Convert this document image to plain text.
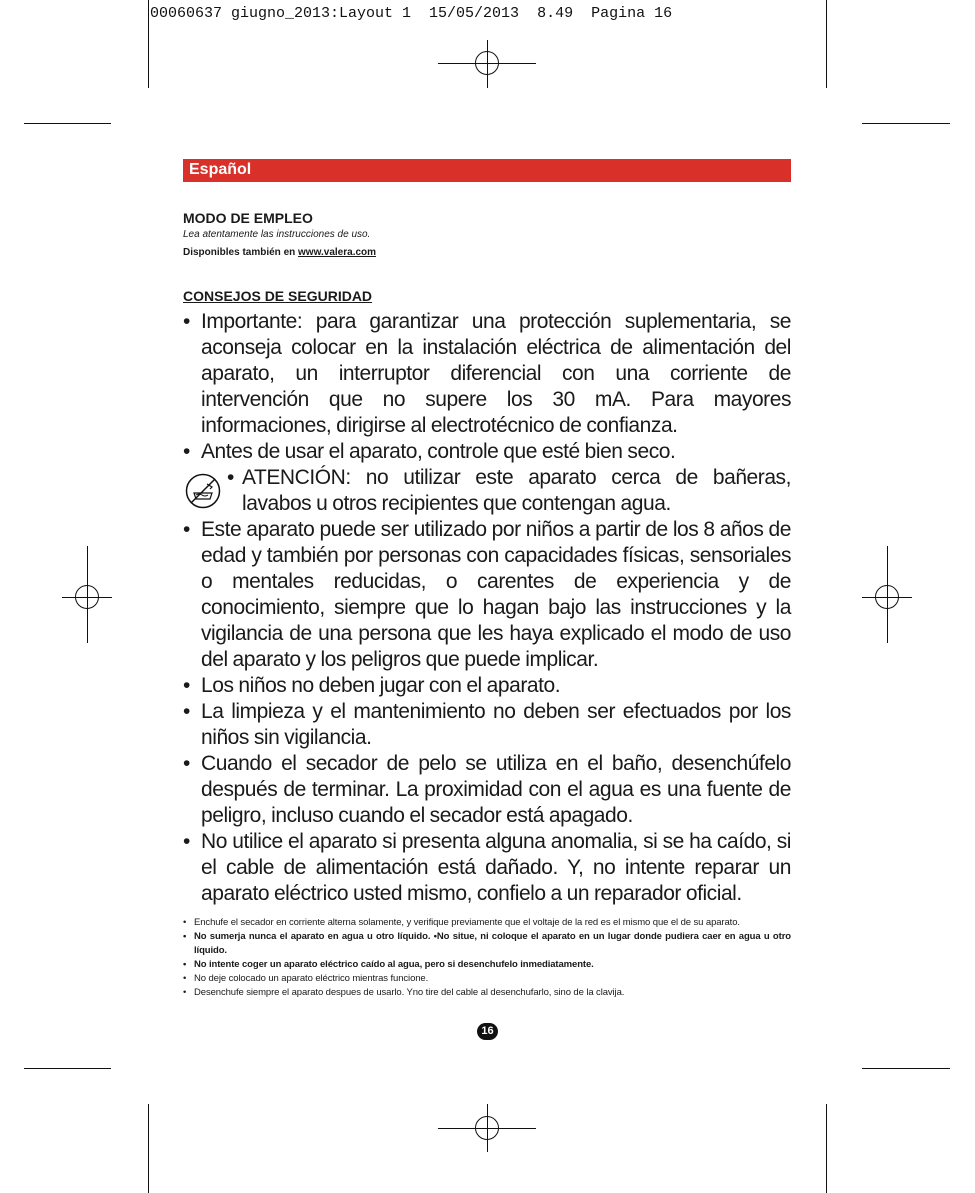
00060637 giugno_2013:Layout 1  15/05/2013  8.49  Pagina 16
Español
MODO DE EMPLEO
Lea atentamente las instrucciones de uso.
Disponibles también en www.valera.com
CONSEJOS DE SEGURIDAD
• Importante: para garantizar una protección suplementaria, se aconseja colocar en la instalación eléctrica de alimentación del aparato, un interruptor diferencial con una corriente de intervención que no supere los 30 mA. Para mayores informaciones, dirigirse al electrotécnico de confianza.
• Antes de usar el aparato, controle que esté bien seco.
• ATENCIÓN: no utilizar este aparato cerca de bañeras, lavabos u otros recipientes que contengan agua.
• Este aparato puede ser utilizado por niños a partir de los 8 años de edad y también por personas con capacidades físicas, sensoriales o mentales reducidas, o carentes de experiencia y de conocimiento, siempre que lo hagan bajo las instrucciones y la vigilancia de una persona que les haya explicado el modo de uso del aparato y los peligros que puede implicar.
• Los niños no deben jugar con el aparato.
• La limpieza y el mantenimiento no deben ser efectuados por los niños sin vigilancia.
• Cuando el secador de pelo se utiliza en el baño, desenchúfelo después de terminar. La proximidad con el agua es una fuente de peligro, incluso cuando el secador está apagado.
• No utilice el aparato si presenta alguna anomalia, si se ha caído, si el cable de alimentación está dañado. Y, no intente reparar un aparato eléctrico usted mismo, confielo a un reparador oficial.
• Enchufe el secador en corriente alterna solamente, y verifique previamente que el voltaje de la red es el mismo que el de su aparato.
• No sumerja nunca el aparato en agua u otro líquido. •No situe, ni coloque el aparato en un lugar donde pudiera caer en agua u otro líquido.
• No intente coger un aparato eléctrico caído al agua, pero si desenchufelo inmediatamente.
• No deje colocado un aparato eléctrico mientras funcione.
• Desenchufe siempre el aparato despues de usarlo. Yno tire del cable al desenchufarlo, sino de la clavija.
16
